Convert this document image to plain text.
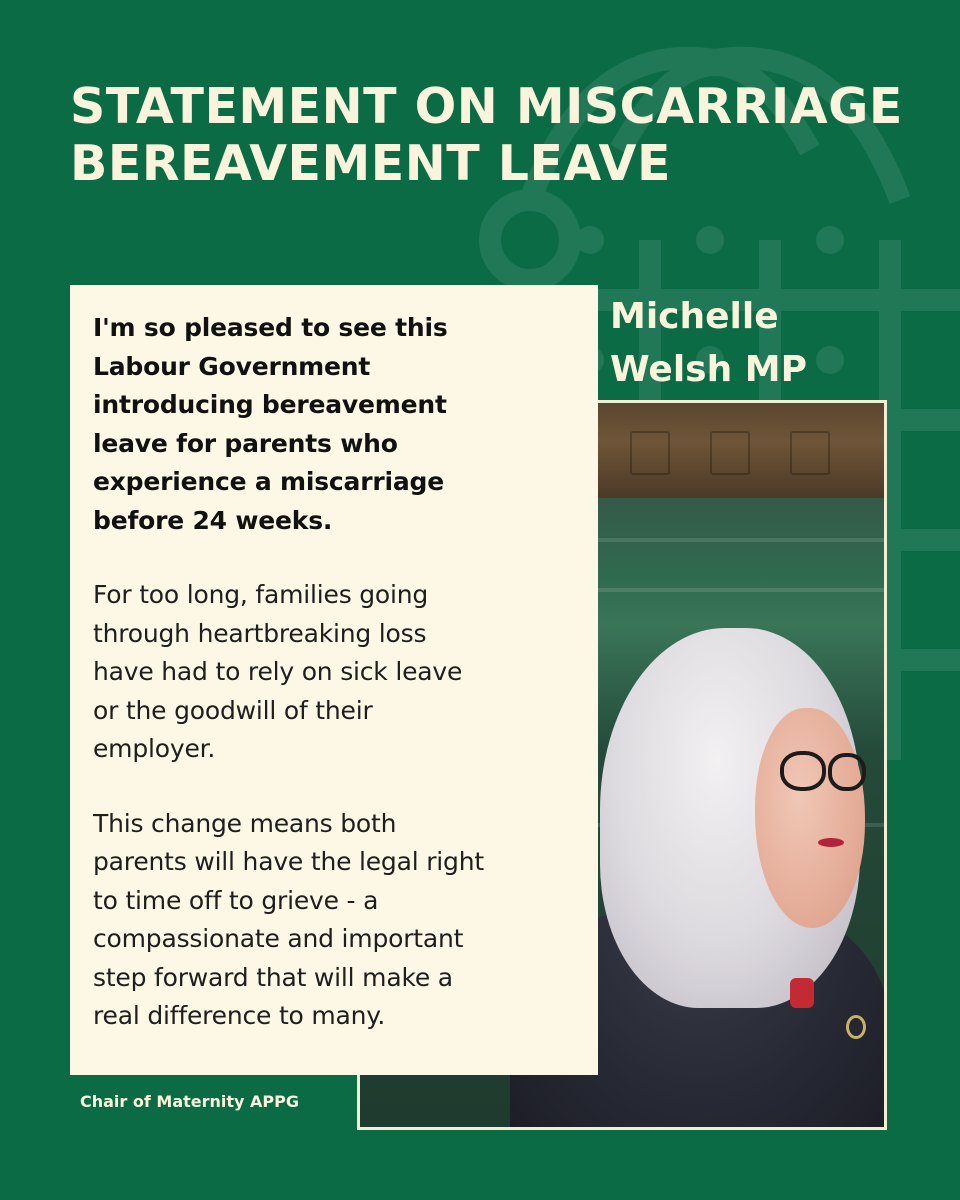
STATEMENT ON MISCARRIAGE
BEREAVEMENT LEAVE
Michelle
Welsh MP

I'm so pleased to see this
Labour Government
introducing bereavement
leave for parents who
experience a miscarriage
before 24 weeks.

For too long, families going
through heartbreaking loss
have had to rely on sick leave
or the goodwill of their
employer.

This change means both
parents will have the legal right
to time off to grieve - a
compassionate and important
step forward that will make a
real difference to many.

Chair of Maternity APPG
